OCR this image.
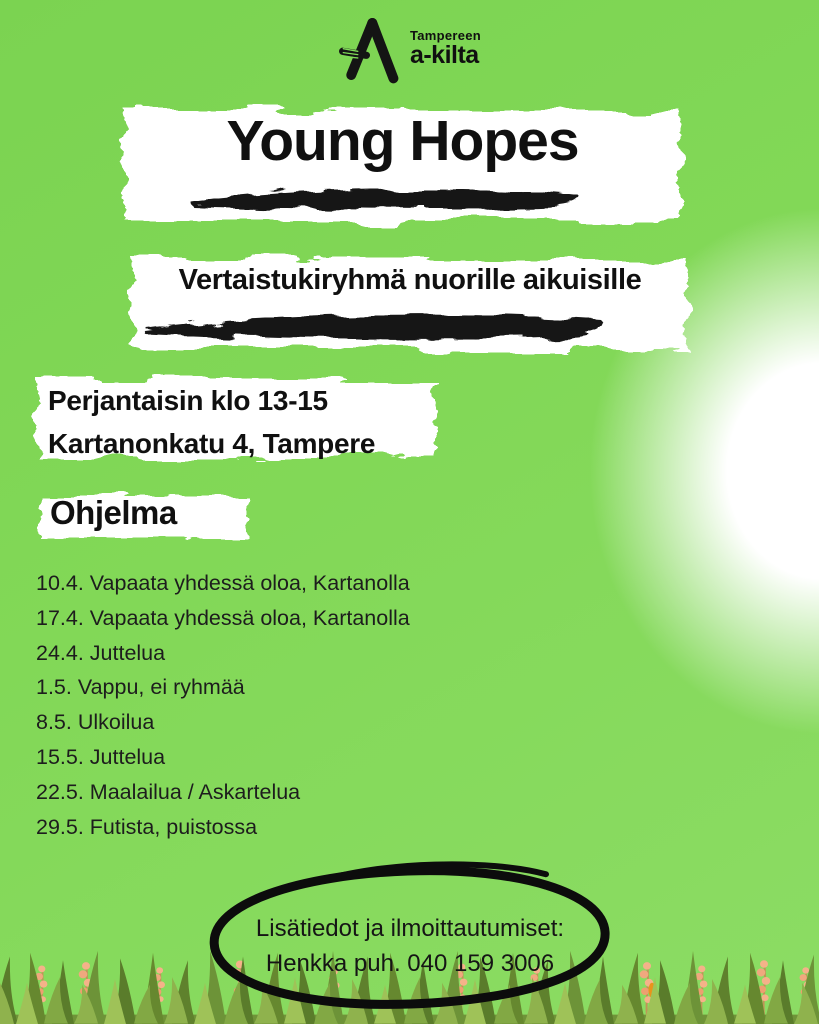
Tampereen
a-kilta
Young Hopes
Vertaistukiryhmä nuorille aikuisille
Perjantaisin klo 13-15
Kartanonkatu 4, Tampere
Ohjelma
10.4. Vapaata yhdessä oloa, Kartanolla
17.4. Vapaata yhdessä oloa, Kartanolla
24.4. Juttelua
1.5. Vappu, ei ryhmää
8.5. Ulkoilua
15.5. Juttelua
22.5. Maalailua / Askartelua
29.5. Futista, puistossa
Lisätiedot ja ilmoittautumiset:
Henkka puh. 040 159 3006
